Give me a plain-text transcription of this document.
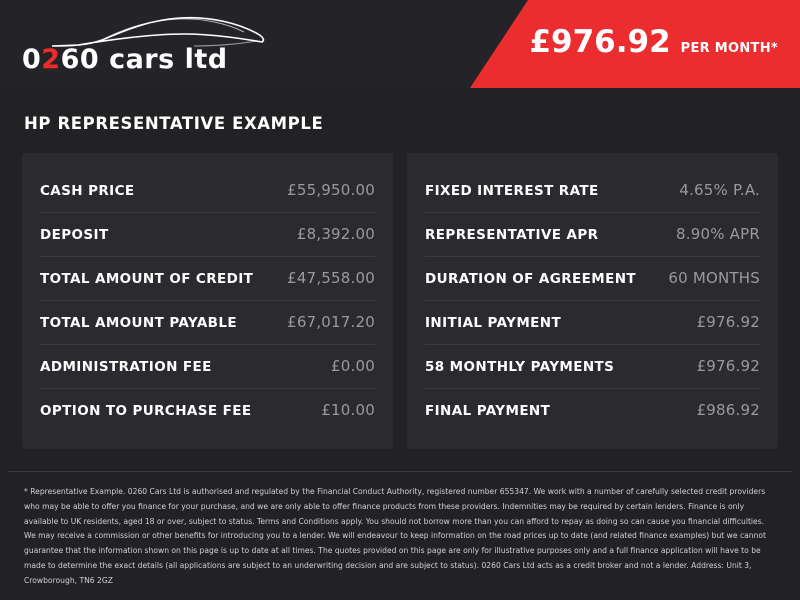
0260 cars ltd	£976.92 PER MONTH*
HP REPRESENTATIVE EXAMPLE
CASH PRICE	£55,950.00
DEPOSIT	£8,392.00
TOTAL AMOUNT OF CREDIT £47,558.00
TOTAL AMOUNT PAYABLE	£67,017.20
ADMINISTRATION FEE	£0.00
OPTION TO PURCHASE FEE	£10.00
FIXED INTEREST RATE	4.65% P.A.
REPRESENTATIVE APR	8.90% APR
DURATION OF AGREEMENT 60 MONTHS
INITIAL PAYMENT	£976.92
58 MONTHLY PAYMENTS	£976.92
FINAL PAYMENT	£986.92
* Representative Example. 0260 Cars Ltd is authorised and regulated by the Financial Conduct Authority, registered number 655347. We work with a number of carefully selected credit providers who may be able to offer you finance for your purchase, and we are only able to offer finance products from these providers. Indemnities may be required by certain lenders. Finance is only available to UK residents, aged 18 or over, subject to status. Terms and Conditions apply. You should not borrow more than you can afford to repay as doing so can cause you financial difficulties. We may receive a commission or other benefits for introducing you to a lender. We will endeavour to keep information on the road prices up to date (and related finance examples) but we cannot guarantee that the information shown on this page is up to date at all times. The quotes provided on this page are only for illustrative purposes only and a full finance application will have to be made to determine the exact details (all applications are subject to an underwriting decision and are subject to status). 0260 Cars Ltd acts as a credit broker and not a lender. Address: Unit 3, Crowborough, TN6 2GZ
